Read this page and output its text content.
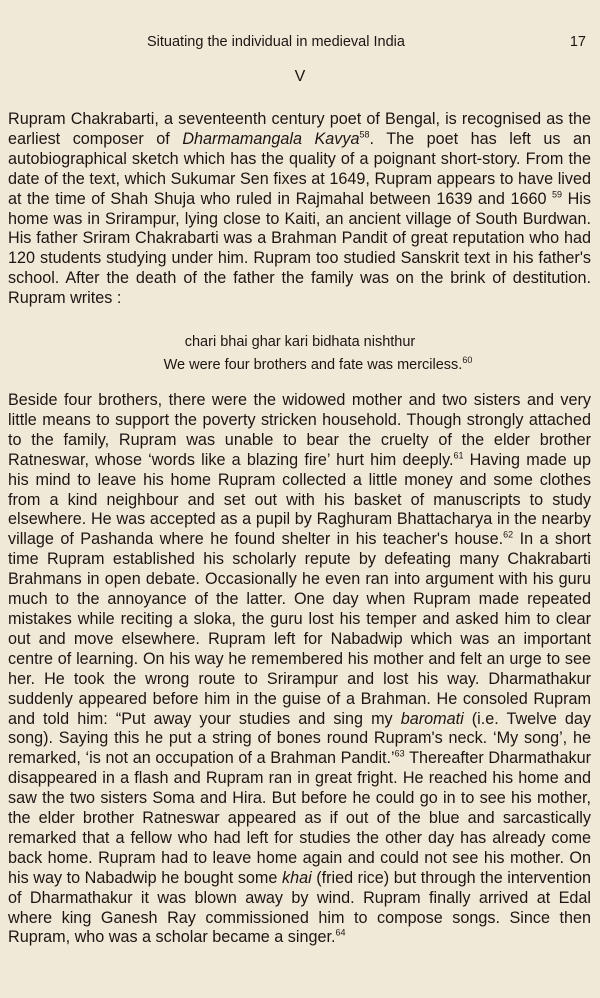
Situating the individual in medieval India	17
V

Rupram Chakrabarti, a seventeenth century poet of Bengal, is recognised as the earliest composer of Dharmamangala Kavya$^{58}$. The poet has left us an autobiographical sketch which has the quality of a poignant short-story. From the date of the text, which Sukumar Sen fixes at 1649, Rupram appears to have lived at the time of Shah Shuja who ruled in Rajmahal between 1639 and 1660 $^{59}$ His home was in Srirampur, lying close to Kaiti, an ancient village of South Burdwan. His father Sriram Chakrabarti was a Brahman Pandit of great reputation who had 120 students studying under him. Rupram too studied Sanskrit text in his father's school. After the death of the father the family was on the brink of destitution. Rupram writes :

chari bhai ghar kari bidhata nishthur
We were four brothers and fate was merciless.$^{60}$

Beside four brothers, there were the widowed mother and two sisters and very little means to support the poverty stricken household. Though strongly attached to the family, Rupram was unable to bear the cruelty of the elder brother Ratneswar, whose ‘words like a blazing fire’ hurt him deeply.$^{61}$ Having made up his mind to leave his home Rupram collected a little money and some clothes from a kind neighbour and set out with his basket of manuscripts to study elsewhere. He was accepted as a pupil by Raghuram Bhattacharya in the nearby village of Pashanda where he found shelter in his teacher's house.$^{62}$ In a short time Rupram established his scholarly repute by defeating many Chakrabarti Brahmans in open debate. Occasionally he even ran into argument with his guru much to the annoyance of the latter. One day when Rupram made repeated mistakes while reciting a sloka, the guru lost his temper and asked him to clear out and move elsewhere. Rupram left for Nabadwip which was an important centre of learning. On his way he remembered his mother and felt an urge to see her. He took the wrong route to Srirampur and lost his way. Dharmathakur suddenly appeared before him in the guise of a Brahman. He consoled Rupram and told him: “Put away your studies and sing my baromati (i.e. Twelve day song). Saying this he put a string of bones round Rupram's neck. ‘My song’, he remarked, ‘is not an occupation of a Brahman Pandit.’$^{63}$ Thereafter Dharmathakur disappeared in a flash and Rupram ran in great fright. He reached his home and saw the two sisters Soma and Hira. But before he could go in to see his mother, the elder brother Ratneswar appeared as if out of the blue and sarcastically remarked that a fellow who had left for studies the other day has already come back home. Rupram had to leave home again and could not see his mother. On his way to Nabadwip he bought some khai (fried rice) but through the intervention of Dharmathakur it was blown away by wind. Rupram finally arrived at Edal where king Ganesh Ray commissioned him to compose songs. Since then Rupram, who was a scholar became a singer.$^{64}$
